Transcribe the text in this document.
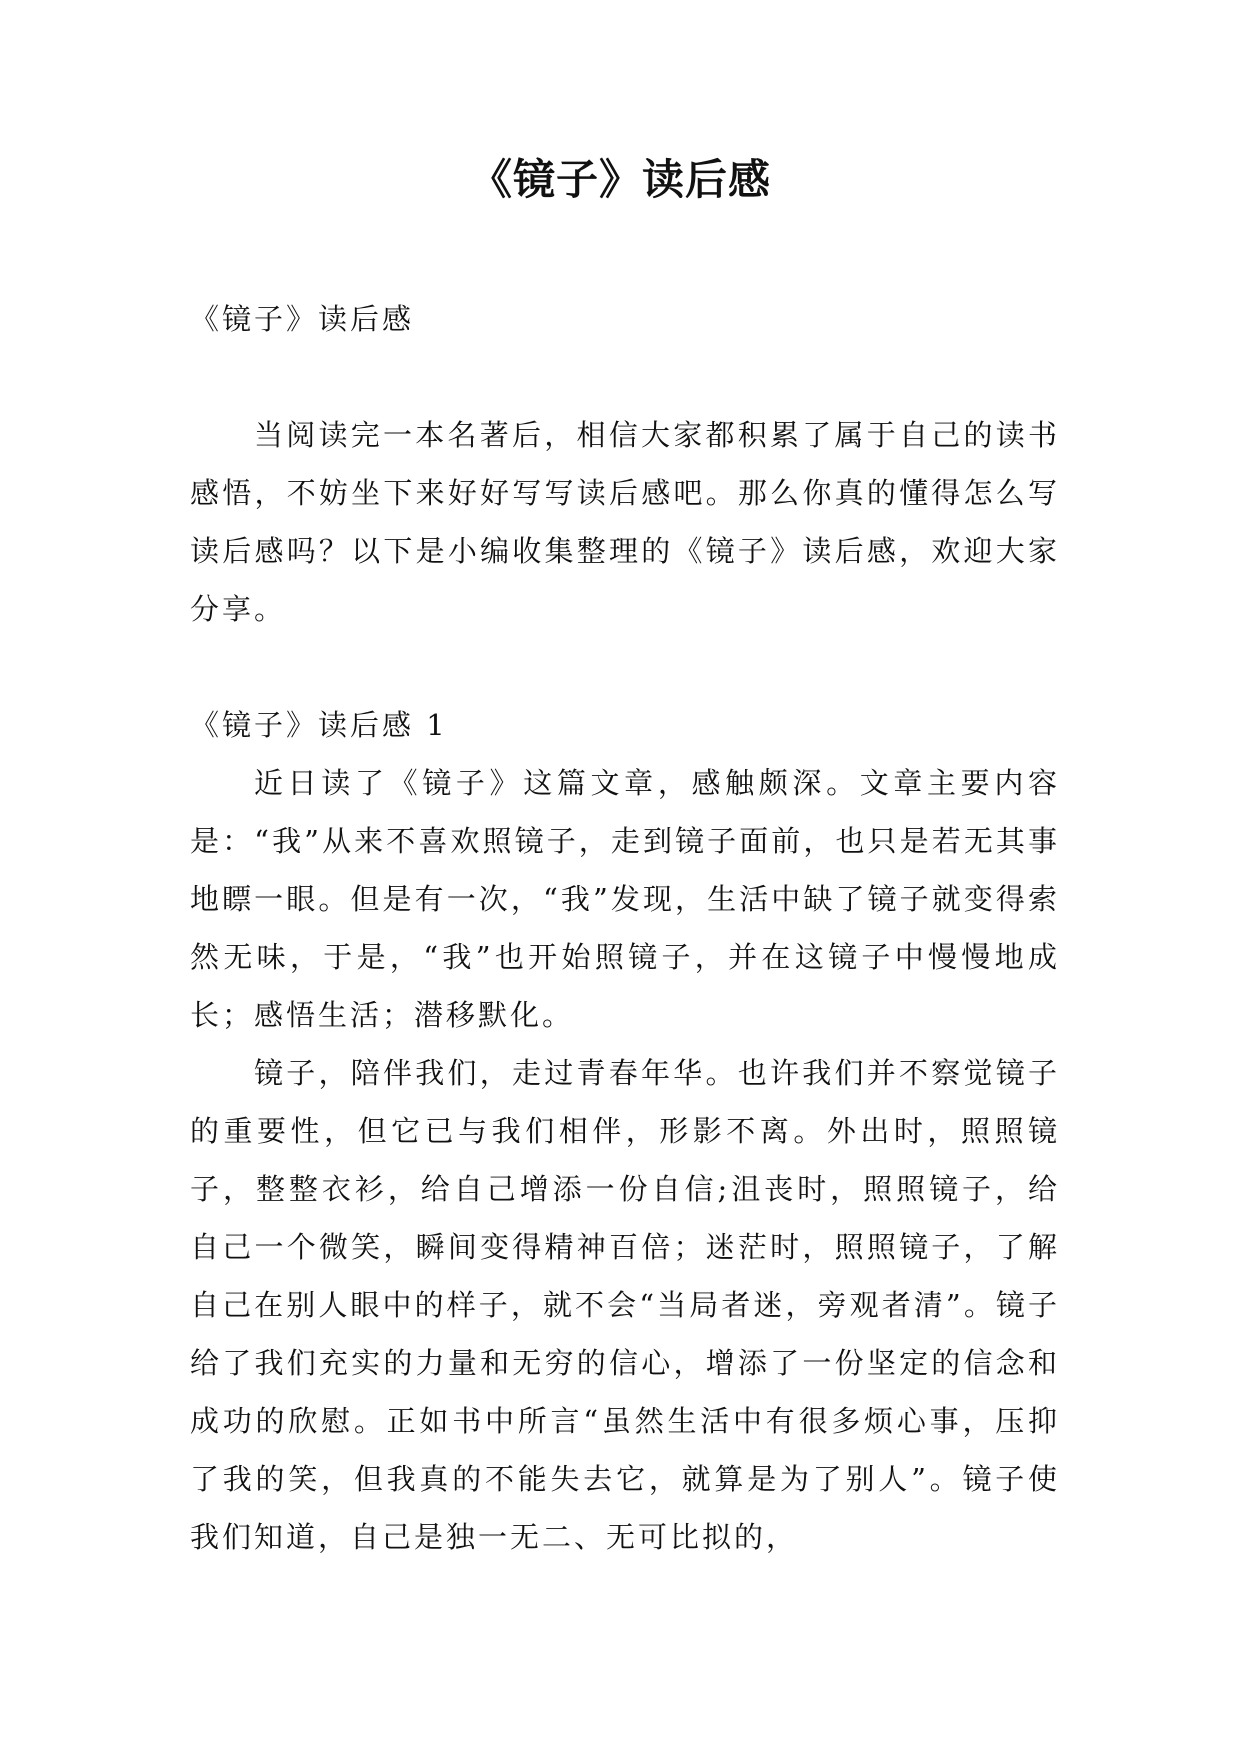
《镜子》读后感

《镜子》读后感

当阅读完一本名著后，相信大家都积累了属于自己的读书感悟，不妨坐下来好好写写读后感吧。那么你真的懂得怎么写读后感吗？以下是小编收集整理的《镜子》读后感，欢迎大家分享。

《镜子》读后感 1

近日读了《镜子》这篇文章，感触颇深。文章主要内容是：“我”从来不喜欢照镜子，走到镜子面前，也只是若无其事地瞟一眼。但是有一次，“我”发现，生活中缺了镜子就变得索然无味，于是，“我”也开始照镜子，并在这镜子中慢慢地成长；感悟生活；潜移默化。

镜子，陪伴我们，走过青春年华。也许我们并不察觉镜子的重要性，但它已与我们相伴，形影不离。外出时，照照镜子，整整衣衫，给自己增添一份自信;沮丧时，照照镜子，给自己一个微笑，瞬间变得精神百倍；迷茫时，照照镜子，了解自己在别人眼中的样子，就不会“当局者迷，旁观者清”。镜子给了我们充实的力量和无穷的信心，增添了一份坚定的信念和成功的欣慰。正如书中所言“虽然生活中有很多烦心事，压抑了我的笑，但我真的不能失去它，就算是为了别人”。镜子使我们知道，自己是独一无二、无可比拟的，
